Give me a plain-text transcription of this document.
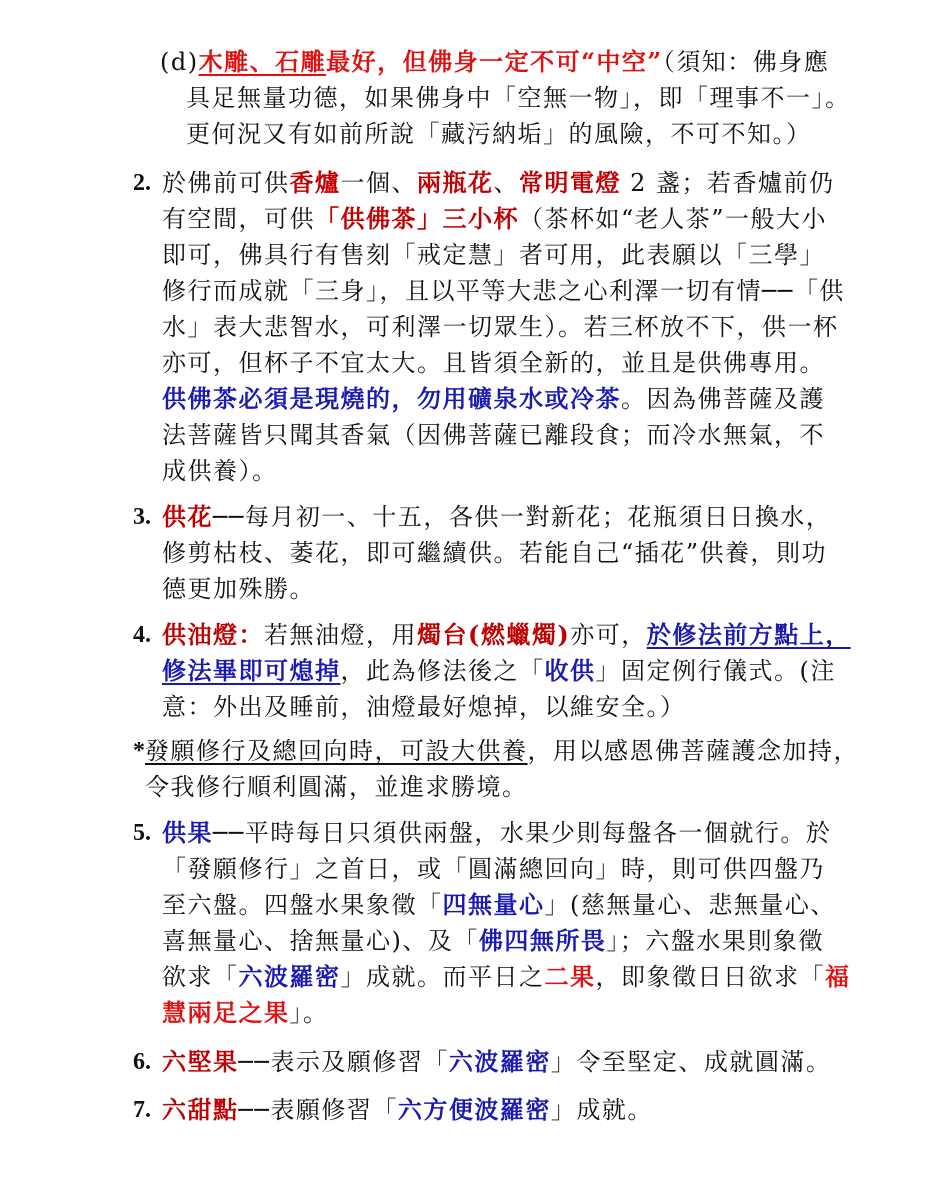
(d)木雕、石雕最好，但佛身一定不可“中空”（須知：佛身應
具足無量功德，如果佛身中「空無一物」，即「理事不一」。
更何況又有如前所說「藏污納垢」的風險，不可不知。）
2. 於佛前可供香爐一個、兩瓶花、常明電燈 2 盞；若香爐前仍
有空間，可供「供佛茶」三小杯（茶杯如“老人茶”一般大小
即可，佛具行有售刻「戒定慧」者可用，此表願以「三學」
修行而成就「三身」，且以平等大悲之心利澤一切有情──「供
水」表大悲智水，可利澤一切眾生）。若三杯放不下，供一杯
亦可，但杯子不宜太大。且皆須全新的，並且是供佛專用。
供佛茶必須是現燒的，勿用礦泉水或冷茶。因為佛菩薩及護
法菩薩皆只聞其香氣（因佛菩薩已離段食；而冷水無氣，不
成供養）。
3. 供花──每月初一、十五，各供一對新花；花瓶須日日換水，
修剪枯枝、萎花，即可繼續供。若能自己“插花”供養，則功
德更加殊勝。
4. 供油燈：若無油燈，用燭台(燃蠟燭)亦可，於修法前方點上，
修法畢即可熄掉，此為修法後之「收供」固定例行儀式。(注
意：外出及睡前，油燈最好熄掉，以維安全。）
* 發願修行及總回向時，可設大供養，用以感恩佛菩薩護念加持，
令我修行順利圓滿，並進求勝境。
5. 供果──平時每日只須供兩盤，水果少則每盤各一個就行。於
「發願修行」之首日，或「圓滿總回向」時，則可供四盤乃
至六盤。四盤水果象徵「四無量心」(慈無量心、悲無量心、
喜無量心、捨無量心)、及「佛四無所畏」；六盤水果則象徵
欲求「六波羅密」成就。而平日之二果，即象徵日日欲求「福
慧兩足之果」。
6. 六堅果──表示及願修習「六波羅密」令至堅定、成就圓滿。
7. 六甜點──表願修習「六方便波羅密」成就。
